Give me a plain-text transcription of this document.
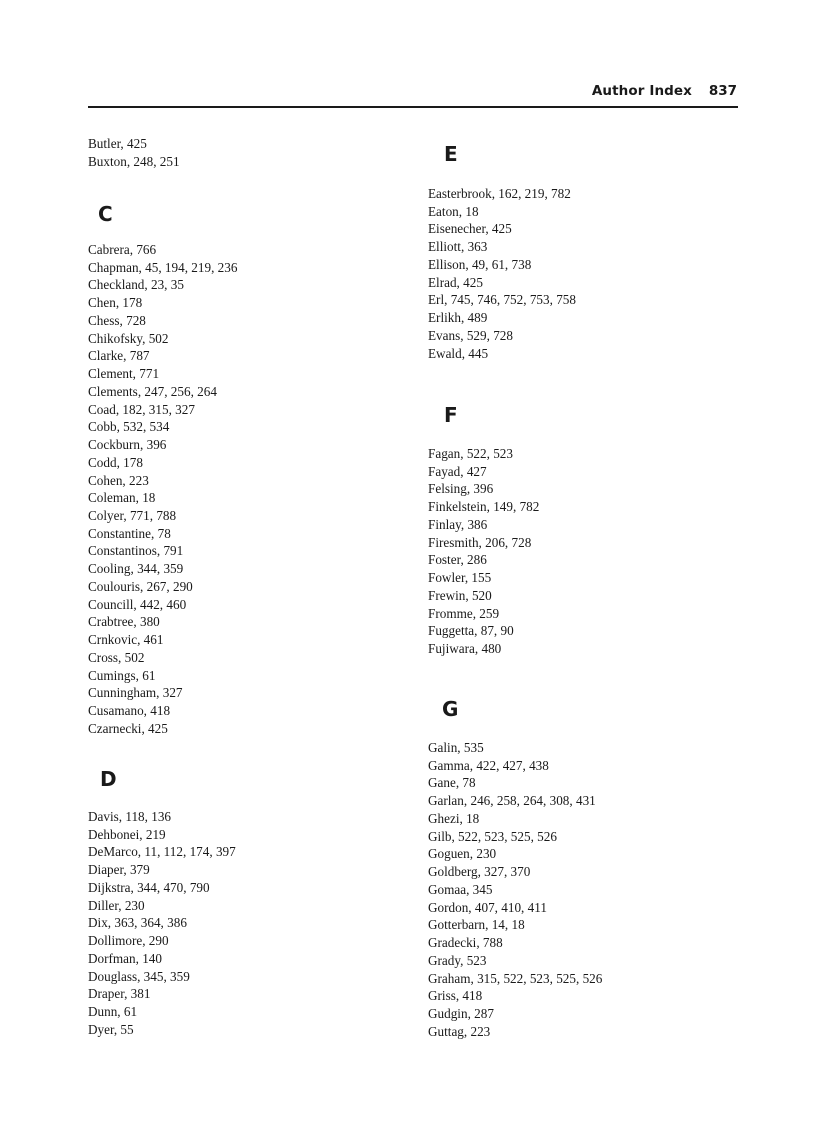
Author Index 837
Butler, 425
Buxton, 248, 251
C
Cabrera, 766
Chapman, 45, 194, 219, 236
Checkland, 23, 35
Chen, 178
Chess, 728
Chikofsky, 502
Clarke, 787
Clement, 771
Clements, 247, 256, 264
Coad, 182, 315, 327
Cobb, 532, 534
Cockburn, 396
Codd, 178
Cohen, 223
Coleman, 18
Colyer, 771, 788
Constantine, 78
Constantinos, 791
Cooling, 344, 359
Coulouris, 267, 290
Councill, 442, 460
Crabtree, 380
Crnkovic, 461
Cross, 502
Cumings, 61
Cunningham, 327
Cusamano, 418
Czarnecki, 425
D
Davis, 118, 136
Dehbonei, 219
DeMarco, 11, 112, 174, 397
Diaper, 379
Dijkstra, 344, 470, 790
Diller, 230
Dix, 363, 364, 386
Dollimore, 290
Dorfman, 140
Douglass, 345, 359
Draper, 381
Dunn, 61
Dyer, 55
E
Easterbrook, 162, 219, 782
Eaton, 18
Eisenecher, 425
Elliott, 363
Ellison, 49, 61, 738
Elrad, 425
Erl, 745, 746, 752, 753, 758
Erlikh, 489
Evans, 529, 728
Ewald, 445
F
Fagan, 522, 523
Fayad, 427
Felsing, 396
Finkelstein, 149, 782
Finlay, 386
Firesmith, 206, 728
Foster, 286
Fowler, 155
Frewin, 520
Fromme, 259
Fuggetta, 87, 90
Fujiwara, 480
G
Galin, 535
Gamma, 422, 427, 438
Gane, 78
Garlan, 246, 258, 264, 308, 431
Ghezi, 18
Gilb, 522, 523, 525, 526
Goguen, 230
Goldberg, 327, 370
Gomaa, 345
Gordon, 407, 410, 411
Gotterbarn, 14, 18
Gradecki, 788
Grady, 523
Graham, 315, 522, 523, 525, 526
Griss, 418
Gudgin, 287
Guttag, 223
